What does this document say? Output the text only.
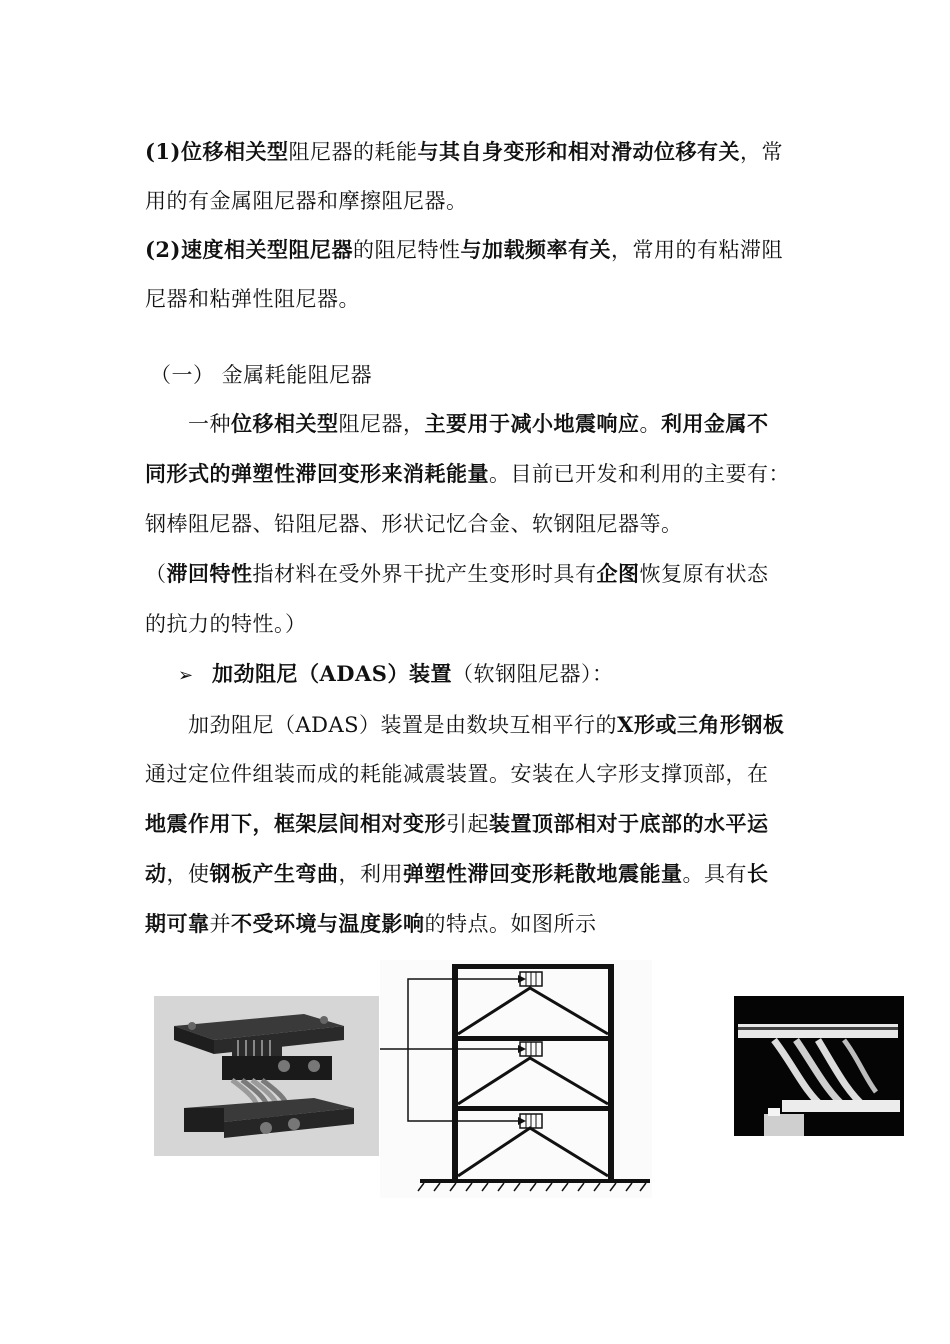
(1)位移相关型阻尼器的耗能与其自身变形和相对滑动位移有关，常
用的有金属阻尼器和摩擦阻尼器。
(2)速度相关型阻尼器的阻尼特性与加载频率有关，常用的有粘滞阻
尼器和粘弹性阻尼器。
（一） 金属耗能阻尼器
一种位移相关型阻尼器，主要用于减小地震响应。利用金属不
同形式的弹塑性滞回变形来消耗能量。目前已开发和利用的主要有：
钢棒阻尼器、铅阻尼器、形状记忆合金、软钢阻尼器等。
（滞回特性指材料在受外界干扰产生变形时具有企图恢复原有状态
的抗力的特性。）
➢ 加劲阻尼（ADAS）装置（软钢阻尼器）：
加劲阻尼（ADAS）装置是由数块互相平行的X形或三角形钢板
通过定位件组装而成的耗能减震装置。安装在人字形支撑顶部，在
地震作用下，框架层间相对变形引起装置顶部相对于底部的水平运
动，使钢板产生弯曲，利用弹塑性滞回变形耗散地震能量。具有长
期可靠并不受环境与温度影响的特点。如图所示
